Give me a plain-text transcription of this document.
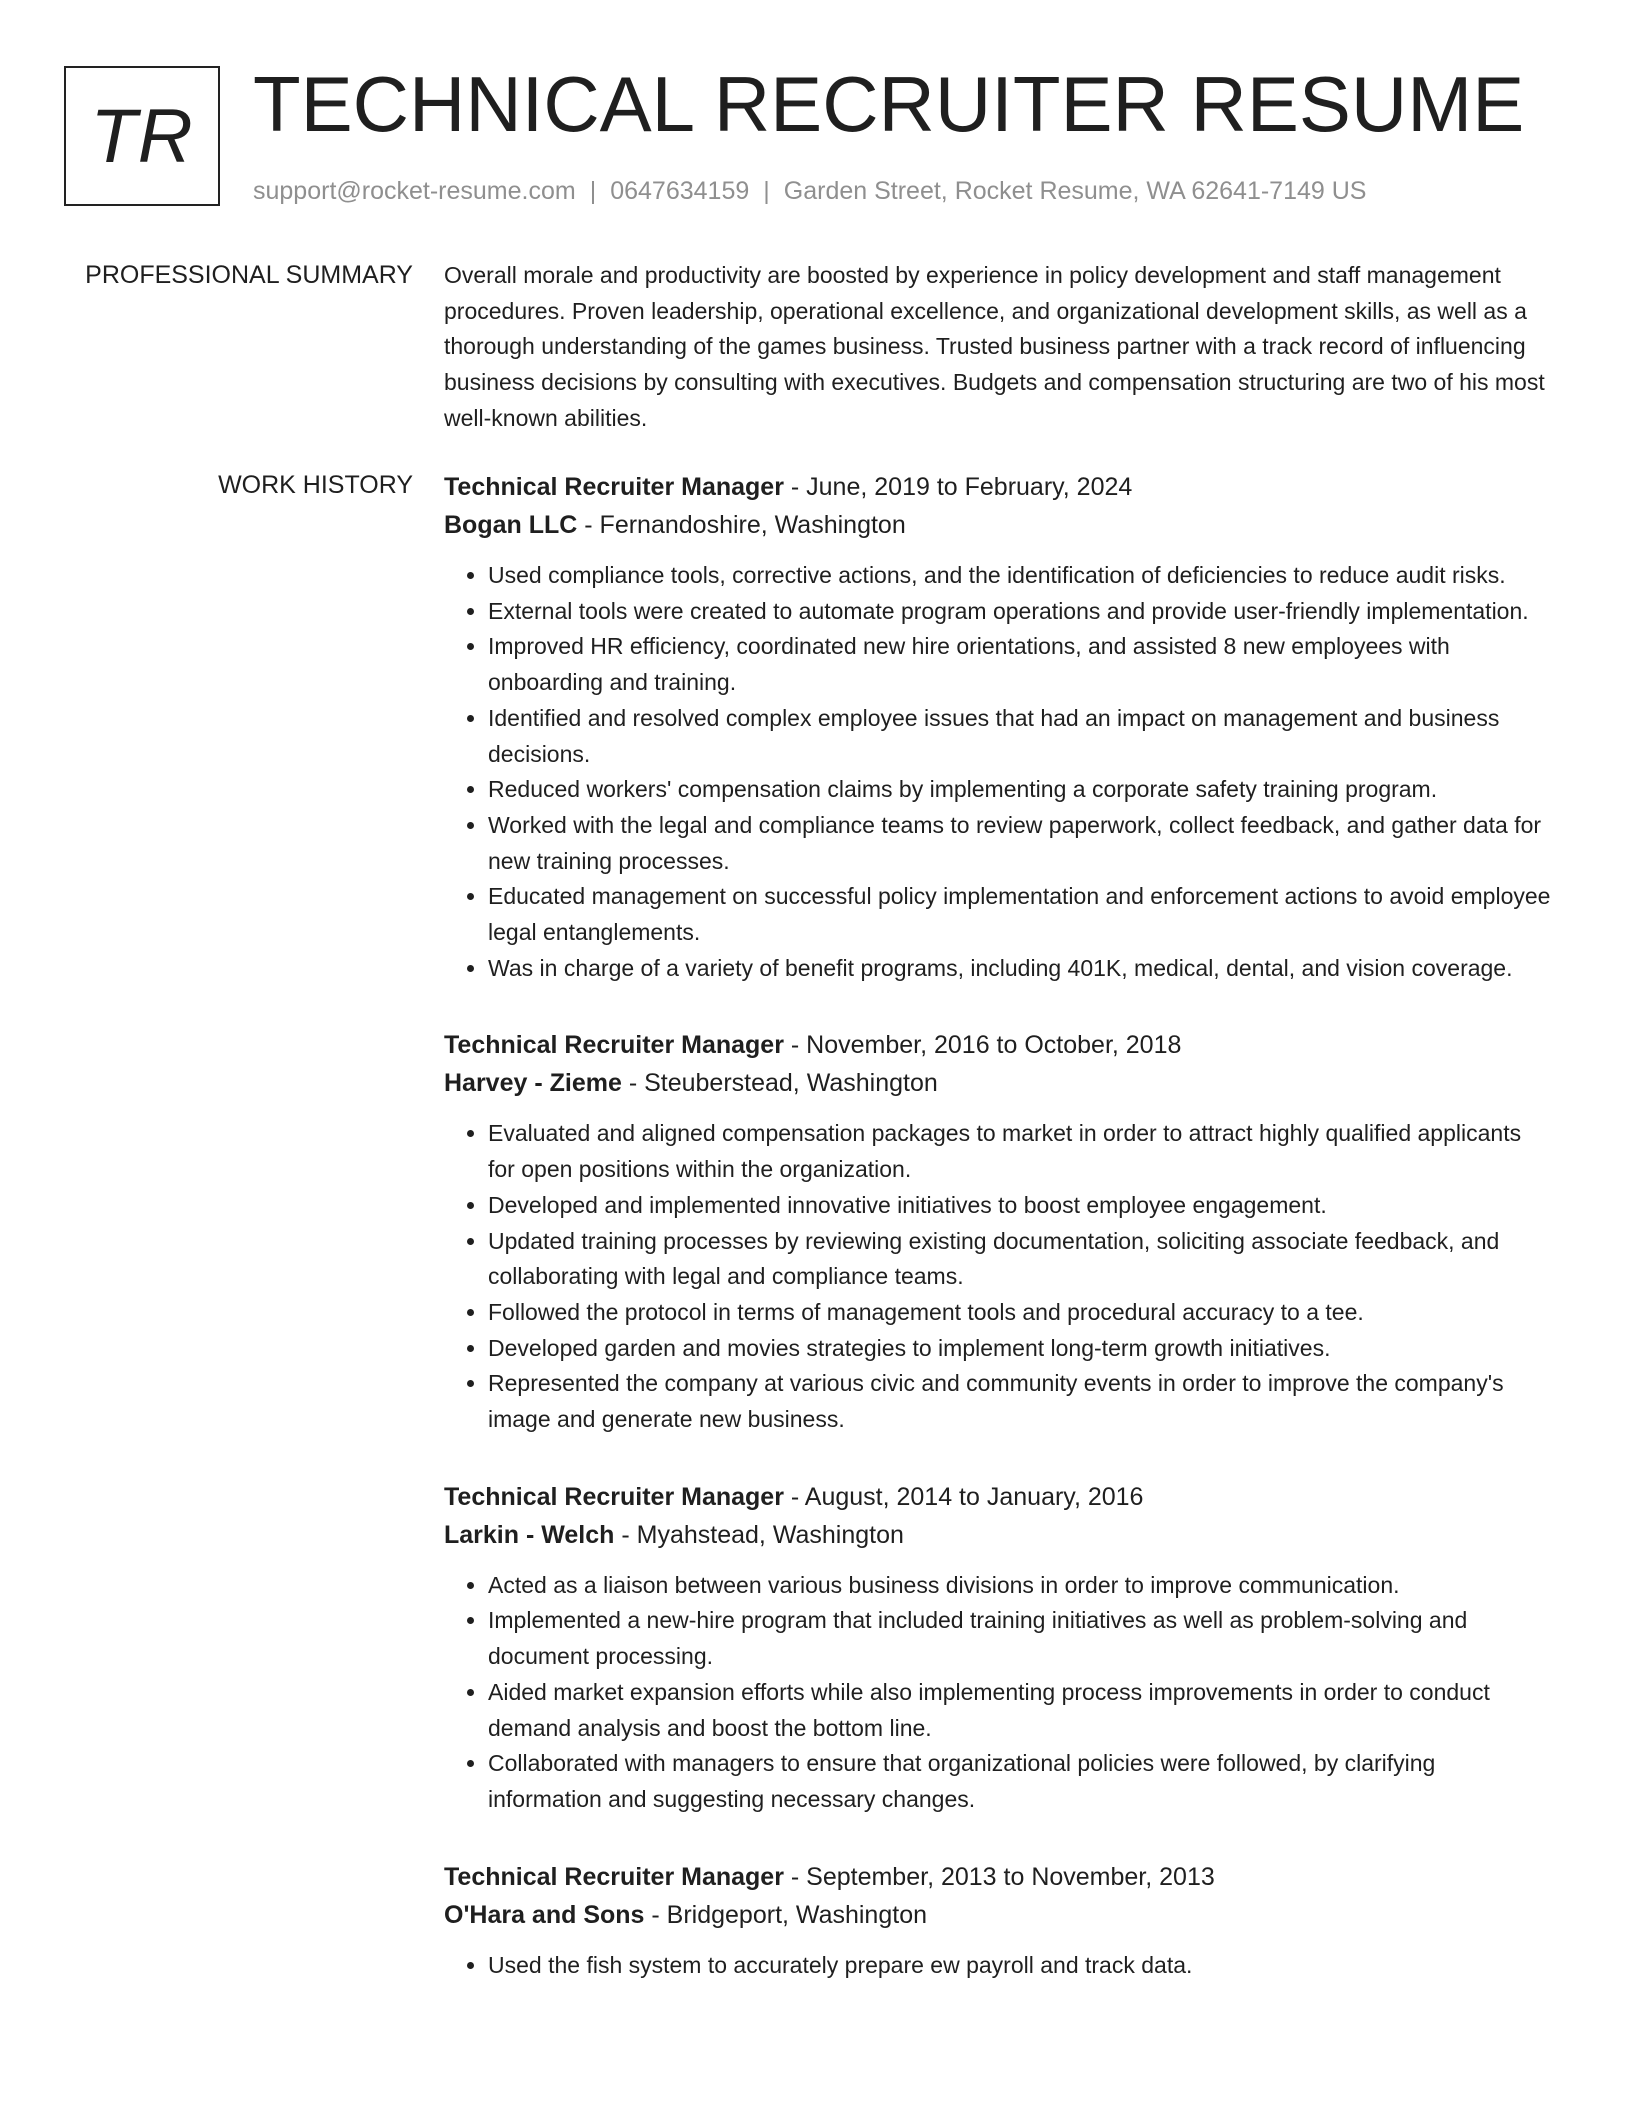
TR TECHNICAL RECRUITER RESUME
support@rocket-resume.com | 0647634159 | Garden Street, Rocket Resume, WA 62641-7149 US
PROFESSIONAL SUMMARY Overall morale and productivity are boosted by experience in policy development and staff management procedures. Proven leadership, operational excellence, and organizational development skills, as well as a thorough understanding of the games business. Trusted business partner with a track record of influencing business decisions by consulting with executives. Budgets and compensation structuring are two of his most well-known abilities.
WORK HISTORY Technical Recruiter Manager - June, 2019 to February, 2024
Bogan LLC - Fernandoshire, Washington
• Used compliance tools, corrective actions, and the identification of deficiencies to reduce audit risks.
• External tools were created to automate program operations and provide user-friendly implementation.
• Improved HR efficiency, coordinated new hire orientations, and assisted 8 new employees with onboarding and training.
• Identified and resolved complex employee issues that had an impact on management and business decisions.
• Reduced workers' compensation claims by implementing a corporate safety training program.
• Worked with the legal and compliance teams to review paperwork, collect feedback, and gather data for new training processes.
• Educated management on successful policy implementation and enforcement actions to avoid employee legal entanglements.
• Was in charge of a variety of benefit programs, including 401K, medical, dental, and vision coverage.
Technical Recruiter Manager - November, 2016 to October, 2018
Harvey - Zieme - Steuberstead, Washington
• Evaluated and aligned compensation packages to market in order to attract highly qualified applicants for open positions within the organization.
• Developed and implemented innovative initiatives to boost employee engagement.
• Updated training processes by reviewing existing documentation, soliciting associate feedback, and collaborating with legal and compliance teams.
• Followed the protocol in terms of management tools and procedural accuracy to a tee.
• Developed garden and movies strategies to implement long-term growth initiatives.
• Represented the company at various civic and community events in order to improve the company's image and generate new business.
Technical Recruiter Manager - August, 2014 to January, 2016
Larkin - Welch - Myahstead, Washington
• Acted as a liaison between various business divisions in order to improve communication.
• Implemented a new-hire program that included training initiatives as well as problem-solving and document processing.
• Aided market expansion efforts while also implementing process improvements in order to conduct demand analysis and boost the bottom line.
• Collaborated with managers to ensure that organizational policies were followed, by clarifying information and suggesting necessary changes.
Technical Recruiter Manager - September, 2013 to November, 2013
O'Hara and Sons - Bridgeport, Washington
• Used the fish system to accurately prepare ew payroll and track data.
